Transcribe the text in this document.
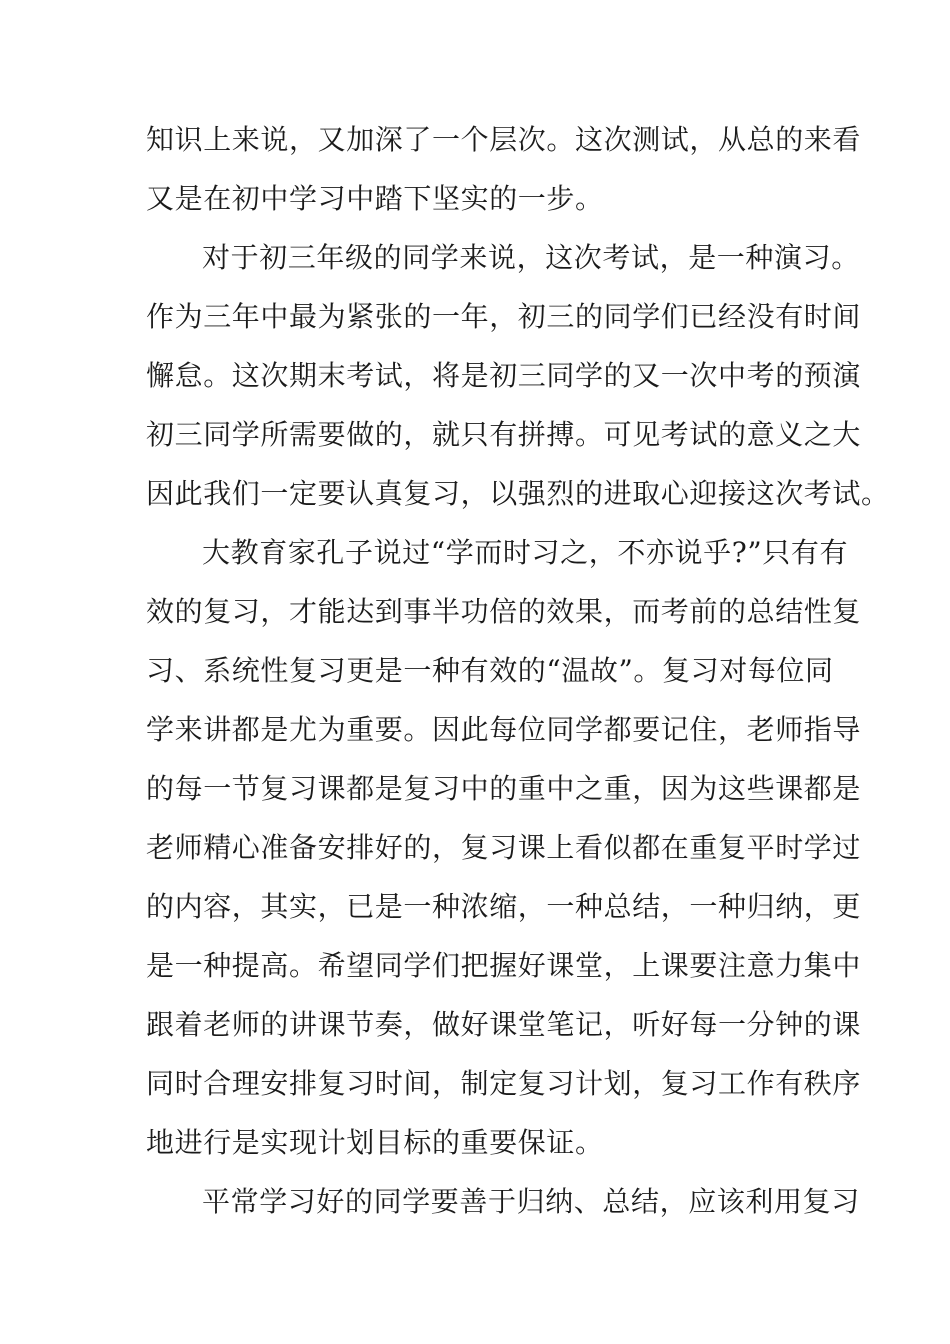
知识上来说，又加深了一个层次。这次测试，从总的来看
又是在初中学习中踏下坚实的一步。
对于初三年级的同学来说，这次考试，是一种演习。
作为三年中最为紧张的一年，初三的同学们已经没有时间
懈怠。这次期末考试，将是初三同学的又一次中考的预演
初三同学所需要做的，就只有拼搏。可见考试的意义之大
因此我们一定要认真复习，以强烈的进取心迎接这次考试。
大教育家孔子说过“学而时习之，不亦说乎?”只有有
效的复习，才能达到事半功倍的效果，而考前的总结性复
习、系统性复习更是一种有效的“温故”。复习对每位同
学来讲都是尤为重要。因此每位同学都要记住，老师指导
的每一节复习课都是复习中的重中之重，因为这些课都是
老师精心准备安排好的，复习课上看似都在重复平时学过
的内容，其实，已是一种浓缩，一种总结，一种归纳，更
是一种提高。希望同学们把握好课堂，上课要注意力集中
跟着老师的讲课节奏，做好课堂笔记，听好每一分钟的课
同时合理安排复习时间，制定复习计划，复习工作有秩序
地进行是实现计划目标的重要保证。
平常学习好的同学要善于归纳、总结，应该利用复习
